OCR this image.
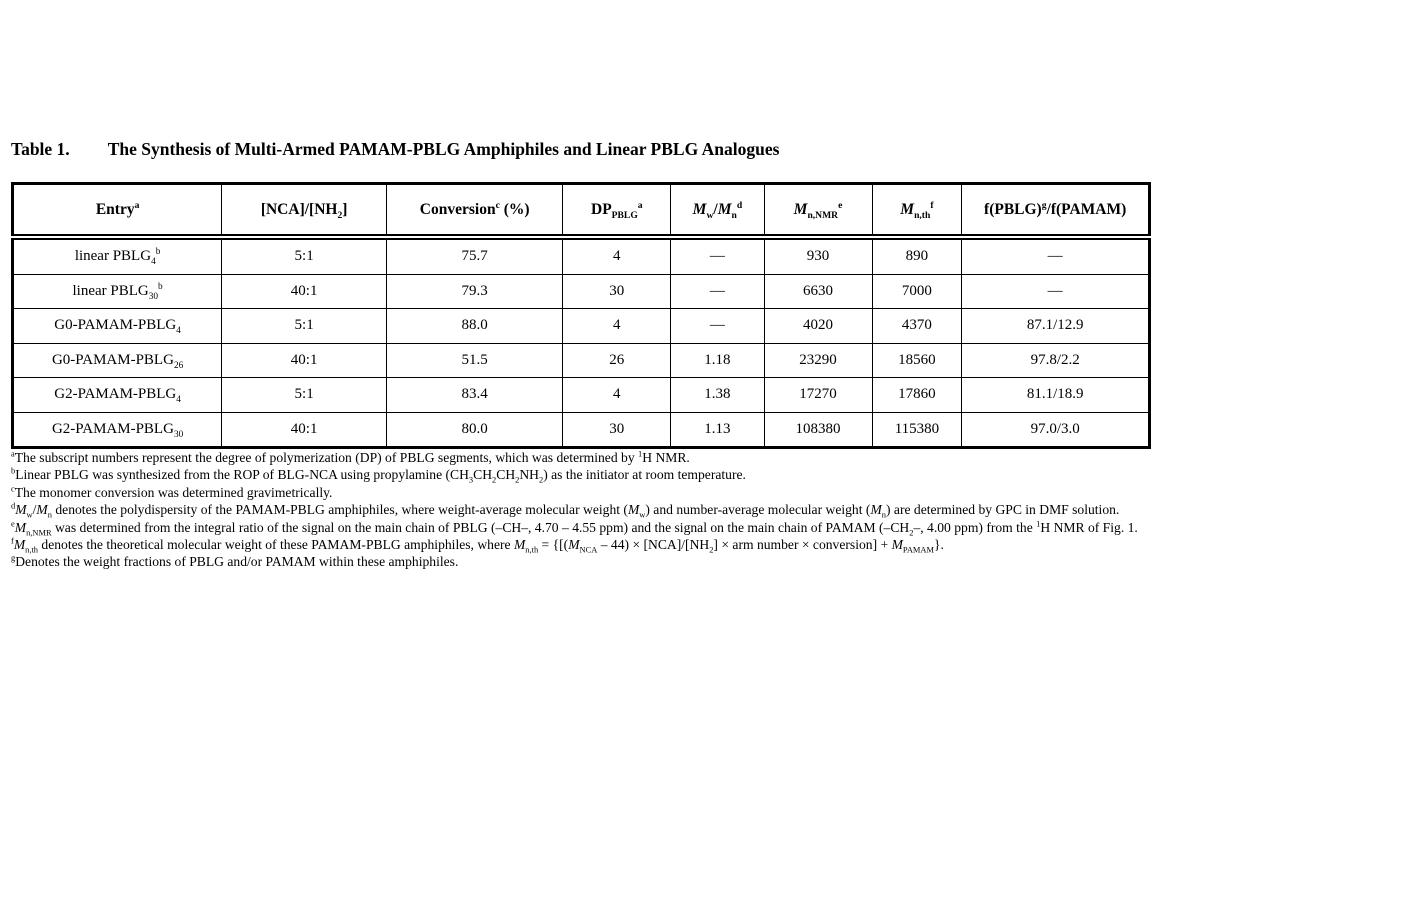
Table 1. The Synthesis of Multi-Armed PAMAM-PBLG Amphiphiles and Linear PBLG Analogues
Entry$^a$	$[NCA]/[NH_2]$	Conversion$^c$ (%)	$DP_{PBLG}^a$	$M_w/M_n^d$	$M_{n,NMR}^e$	$M_{n,th}^f$	f(PBLG)$^g$/f(PAMAM)
linear $PBLG_4^b$	5:1	75.7	4	—	930	890	—
linear $PBLG_{30}^b$	40:1	79.3	30	—	6630	7000	—
$G0-PAMAM-PBLG_4$	5:1	88.0	4	—	4020	4370	87.1/12.9
$G0-PAMAM-PBLG_{26}$	40:1	51.5	26	1.18	23290	18560	97.8/2.2
$G2-PAMAM-PBLG_4$	5:1	83.4	4	1.38	17270	17860	81.1/18.9
$G2-PAMAM-PBLG_{30}$	40:1	80.0	30	1.13	108380	115380	97.0/3.0
$^a$The subscript numbers represent the degree of polymerization (DP) of PBLG segments, which was determined by $^1$H NMR.
$^b$Linear PBLG was synthesized from the ROP of BLG-NCA using propylamine $(CH_3CH_2CH_2NH_2)$ as the initiator at room temperature.
$^c$The monomer conversion was determined gravimetrically.
$^dM_w/M_n$ denotes the polydispersity of the PAMAM-PBLG amphiphiles, where weight-average molecular weight $(M_w)$ and number-average molecular weight $(M_n)$ are determined by GPC in DMF solution.
$^eM_{n,NMR}$ was determined from the integral ratio of the signal on the main chain of PBLG (–CH–, 4.70 – 4.55 ppm) and the signal on the main chain of PAMAM ($-CH_2-$, 4.00 ppm) from the $^1$H NMR of Fig. 1.
$^fM_{n,th}$ denotes the theoretical molecular weight of these PAMAM-PBLG amphiphiles, where $M_{n,th} = \{[(M_{NCA} - 44) \times [NCA]/[NH_2]$ × arm number × conversion] + $M_{PAMAM}$}.
$^g$Denotes the weight fractions of PBLG and/or PAMAM within these amphiphiles.
